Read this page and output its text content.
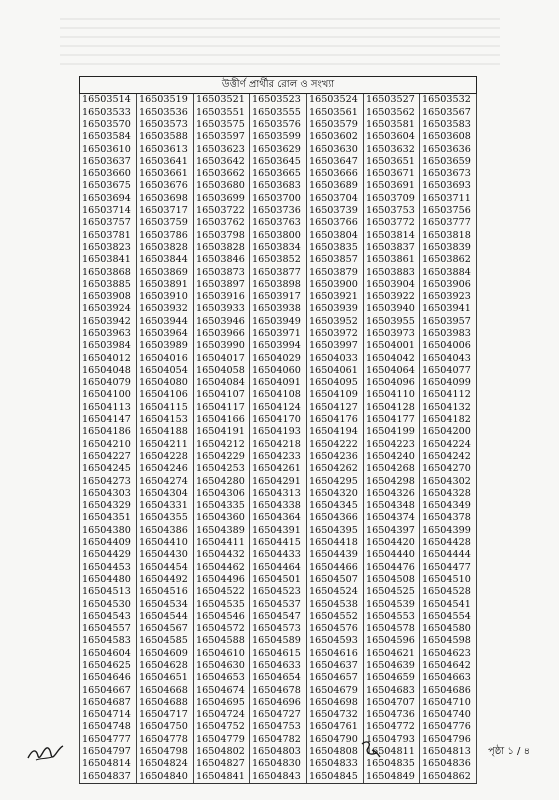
উত্তীর্ণ প্রার্থীর রোল ও সংখ্যা						
16503514	16503519	16503521	16503523	16503524	16503527	16503532
16503533	16503536	16503551	16503555	16503561	16503562	16503567
16503570	16503573	16503575	16503576	16503579	16503581	16503583
16503584	16503588	16503597	16503599	16503602	16503604	16503608
16503610	16503613	16503623	16503629	16503630	16503632	16503636
16503637	16503641	16503642	16503645	16503647	16503651	16503659
16503660	16503661	16503662	16503665	16503666	16503671	16503673
16503675	16503676	16503680	16503683	16503689	16503691	16503693
16503694	16503698	16503699	16503700	16503704	16503709	16503711
16503714	16503717	16503722	16503736	16503739	16503753	16503756
16503757	16503759	16503762	16503763	16503766	16503772	16503777
16503781	16503786	16503798	16503800	16503804	16503814	16503818
16503823	16503828	16503828	16503834	16503835	16503837	16503839
16503841	16503844	16503846	16503852	16503857	16503861	16503862
16503868	16503869	16503873	16503877	16503879	16503883	16503884
16503885	16503891	16503897	16503898	16503900	16503904	16503906
16503908	16503910	16503916	16503917	16503921	16503922	16503923
16503924	16503932	16503933	16503938	16503939	16503940	16503941
16503942	16503944	16503946	16503949	16503952	16503955	16503957
16503963	16503964	16503966	16503971	16503972	16503973	16503983
16503984	16503989	16503990	16503994	16503997	16504001	16504006
16504012	16504016	16504017	16504029	16504033	16504042	16504043
16504048	16504054	16504058	16504060	16504061	16504064	16504077
16504079	16504080	16504084	16504091	16504095	16504096	16504099
16504100	16504106	16504107	16504108	16504109	16504110	16504112
16504113	16504115	16504117	16504124	16504127	16504128	16504132
16504147	16504153	16504166	16504170	16504176	16504177	16504182
16504186	16504188	16504191	16504193	16504194	16504199	16504200
16504210	16504211	16504212	16504218	16504222	16504223	16504224
16504227	16504228	16504229	16504233	16504236	16504240	16504242
16504245	16504246	16504253	16504261	16504262	16504268	16504270
16504273	16504274	16504280	16504291	16504295	16504298	16504302
16504303	16504304	16504306	16504313	16504320	16504326	16504328
16504329	16504331	16504335	16504338	16504345	16504348	16504349
16504351	16504355	16504360	16504364	16504366	16504374	16504378
16504380	16504386	16504389	16504391	16504395	16504397	16504399
16504409	16504410	16504411	16504415	16504418	16504420	16504428
16504429	16504430	16504432	16504433	16504439	16504440	16504444
16504453	16504454	16504462	16504464	16504466	16504476	16504477
16504480	16504492	16504496	16504501	16504507	16504508	16504510
16504513	16504516	16504522	16504523	16504524	16504525	16504528
16504530	16504534	16504535	16504537	16504538	16504539	16504541
16504543	16504544	16504546	16504547	16504552	16504553	16504554
16504557	16504567	16504572	16504573	16504576	16504578	16504580
16504583	16504585	16504588	16504589	16504593	16504596	16504598
16504604	16504609	16504610	16504615	16504616	16504621	16504623
16504625	16504628	16504630	16504633	16504637	16504639	16504642
16504646	16504651	16504653	16504654	16504657	16504659	16504663
16504667	16504668	16504674	16504678	16504679	16504683	16504686
16504687	16504688	16504695	16504696	16504698	16504707	16504710
16504714	16504717	16504724	16504727	16504732	16504736	16504740
16504748	16504750	16504752	16504753	16504761	16504772	16504776
16504777	16504778	16504779	16504782	16504790	16504793	16504796
16504797	16504798	16504802	16504803	16504808	16504811	16504813
16504814	16504824	16504827	16504830	16504833	16504835	16504836
16504837	16504840	16504841	16504843	16504845	16504849	16504862
পৃষ্ঠা ১ / ৪
